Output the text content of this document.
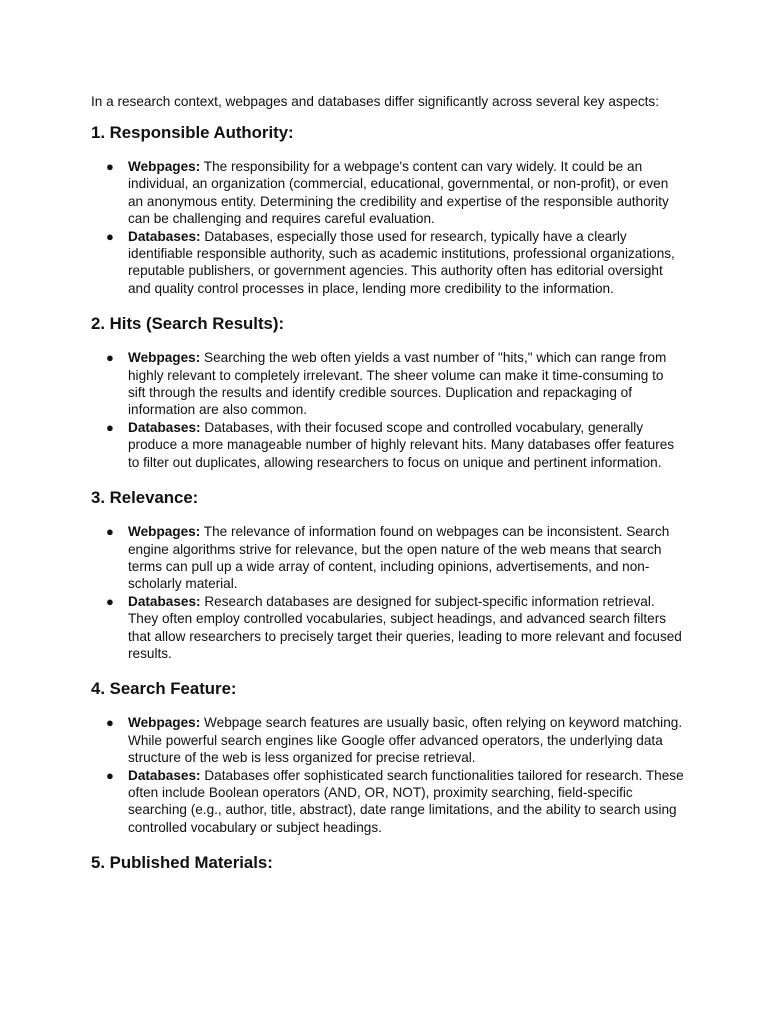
In a research context, webpages and databases differ significantly across several key aspects:

1. Responsible Authority:
● Webpages: The responsibility for a webpage's content can vary widely. It could be an individual, an organization (commercial, educational, governmental, or non-profit), or even an anonymous entity. Determining the credibility and expertise of the responsible authority can be challenging and requires careful evaluation.
● Databases: Databases, especially those used for research, typically have a clearly identifiable responsible authority, such as academic institutions, professional organizations, reputable publishers, or government agencies. This authority often has editorial oversight and quality control processes in place, lending more credibility to the information.
2. Hits (Search Results):
● Webpages: Searching the web often yields a vast number of "hits," which can range from highly relevant to completely irrelevant. The sheer volume can make it time-consuming to sift through the results and identify credible sources. Duplication and repackaging of information are also common.
● Databases: Databases, with their focused scope and controlled vocabulary, generally produce a more manageable number of highly relevant hits. Many databases offer features to filter out duplicates, allowing researchers to focus on unique and pertinent information.
3. Relevance:
● Webpages: The relevance of information found on webpages can be inconsistent. Search engine algorithms strive for relevance, but the open nature of the web means that search terms can pull up a wide array of content, including opinions, advertisements, and non-scholarly material.
● Databases: Research databases are designed for subject-specific information retrieval. They often employ controlled vocabularies, subject headings, and advanced search filters that allow researchers to precisely target their queries, leading to more relevant and focused results.
4. Search Feature:
● Webpages: Webpage search features are usually basic, often relying on keyword matching. While powerful search engines like Google offer advanced operators, the underlying data structure of the web is less organized for precise retrieval.
● Databases: Databases offer sophisticated search functionalities tailored for research. These often include Boolean operators (AND, OR, NOT), proximity searching, field-specific searching (e.g., author, title, abstract), date range limitations, and the ability to search using controlled vocabulary or subject headings.
5. Published Materials:
